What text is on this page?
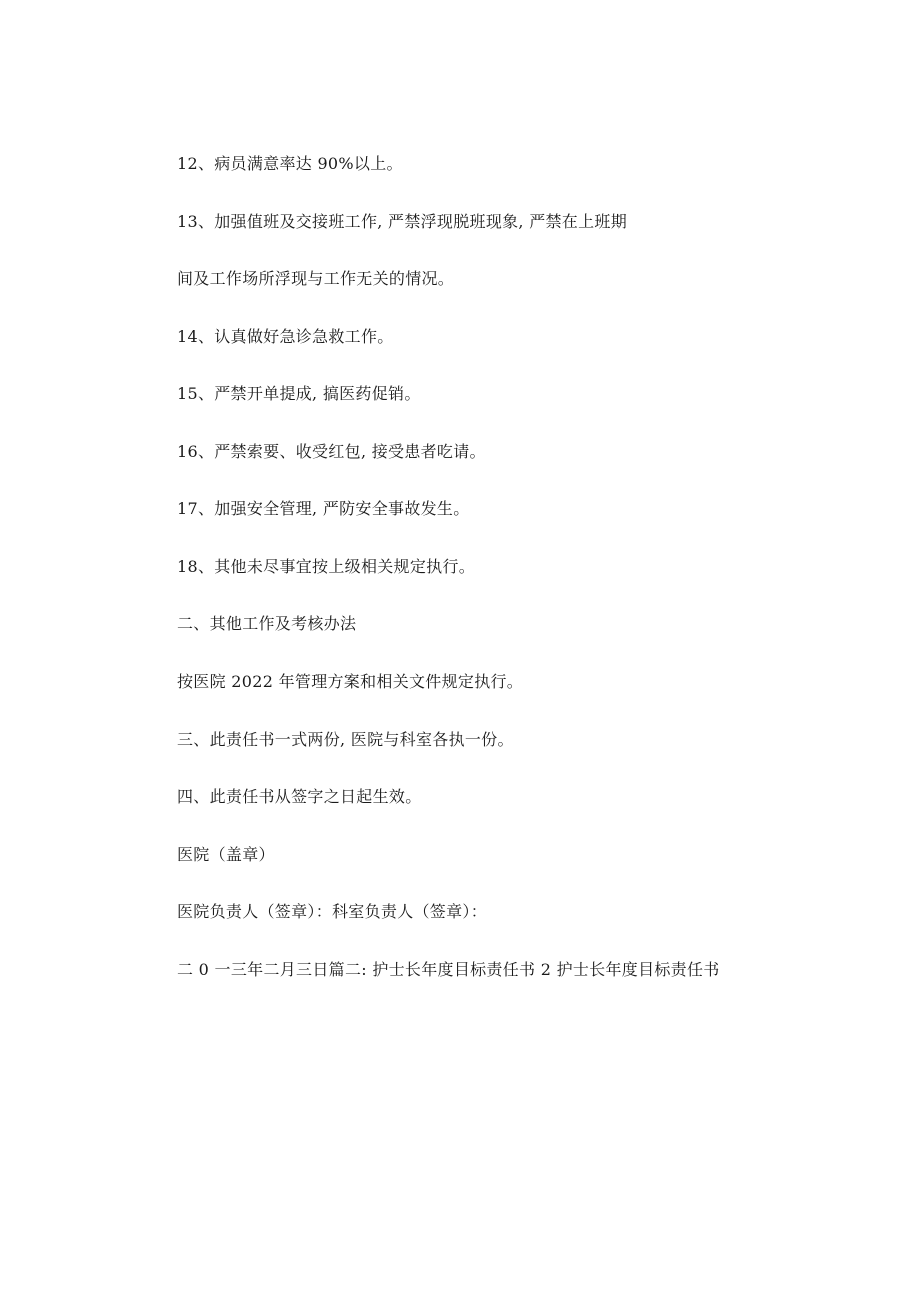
12、病员满意率达 90%以上。
13、加强值班及交接班工作, 严禁浮现脱班现象, 严禁在上班期
间及工作场所浮现与工作无关的情况。
14、认真做好急诊急救工作。
15、严禁开单提成, 搞医药促销。
16、严禁索要、收受红包, 接受患者吃请。
17、加强安全管理, 严防安全事故发生。
18、其他未尽事宜按上级相关规定执行。
二、其他工作及考核办法
按医院 2022 年管理方案和相关文件规定执行。
三、此责任书一式两份, 医院与科室各执一份。
四、此责任书从签字之日起生效。
医院（盖章）
医院负责人（签章）：科室负责人（签章）：
二 0 一三年二月三日篇二: 护士长年度目标责任书 2 护士长年度目标责任书
